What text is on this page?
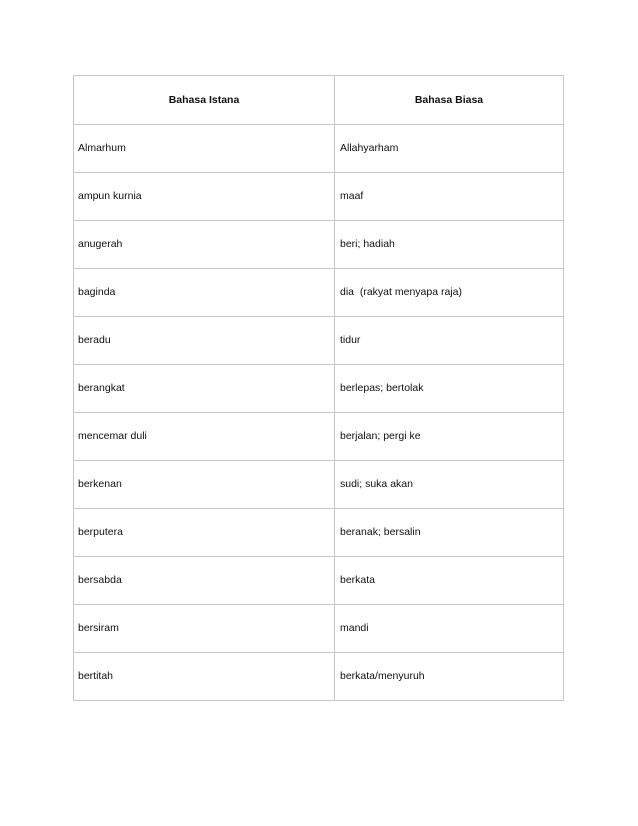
Bahasa Istana	Bahasa Biasa
Almarhum	Allahyarham
ampun kurnia	maaf
anugerah	beri; hadiah
baginda	dia  (rakyat menyapa raja)
beradu	tidur
berangkat	berlepas; bertolak
mencemar duli	berjalan; pergi ke
berkenan	sudi; suka akan
berputera	beranak; bersalin
bersabda	berkata
bersiram	mandi
bertitah	berkata/menyuruh
